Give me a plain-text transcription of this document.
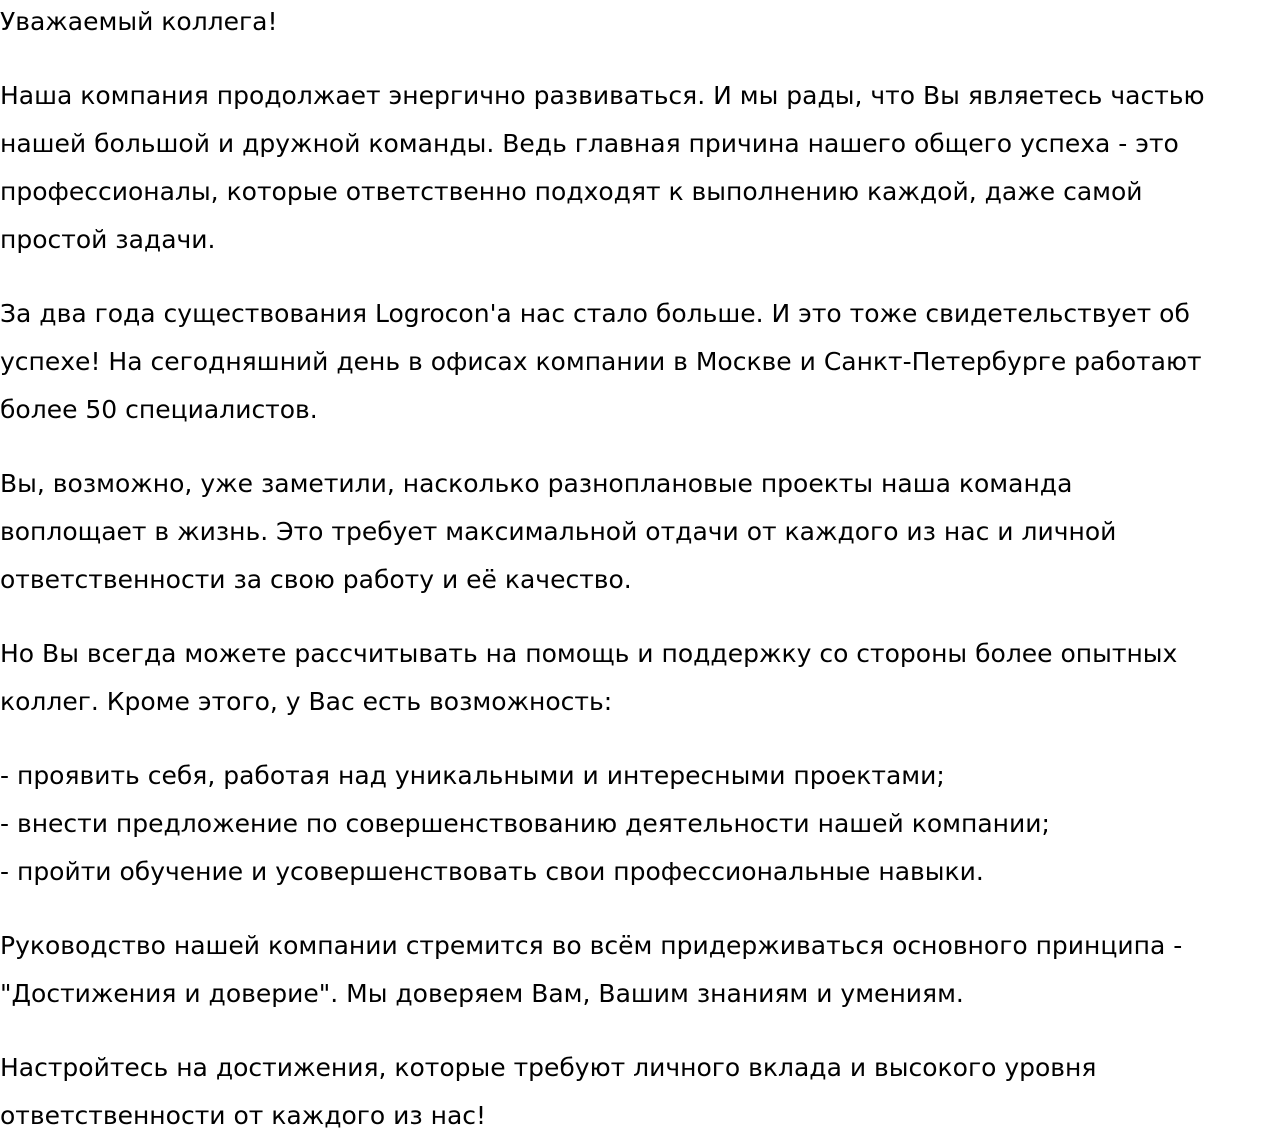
Уважаемый коллега!

Наша компания продолжает энергично развиваться. И мы рады, что Вы являетесь частью

нашей большой и дружной команды. Ведь главная причина нашего общего успеха - это

профессионалы, которые ответственно подходят к выполнению каждой, даже самой

простой задачи.

За два года существования Logrocon'a нас стало больше. И это тоже свидетельствует об

успехе! На сегодняшний день в офисах компании в Москве и Санкт-Петербурге работают

более 50 специалистов.

Вы, возможно, уже заметили, насколько разноплановые проекты наша команда

воплощает в жизнь. Это требует максимальной отдачи от каждого из нас и личной

ответственности за свою работу и её качество.

Но Вы всегда можете рассчитывать на помощь и поддержку со стороны более опытных

коллег. Кроме этого, у Вас есть возможность:

- проявить себя, работая над уникальными и интересными проектами;

- внести предложение по совершенствованию деятельности нашей компании;

- пройти обучение и усовершенствовать свои профессиональные навыки.

Руководство нашей компании стремится во всём придерживаться основного принципа -

"Достижения и доверие". Мы доверяем Вам, Вашим знаниям и умениям.

Настройтесь на достижения, которые требуют личного вклада и высокого уровня

ответственности от каждого из нас!
